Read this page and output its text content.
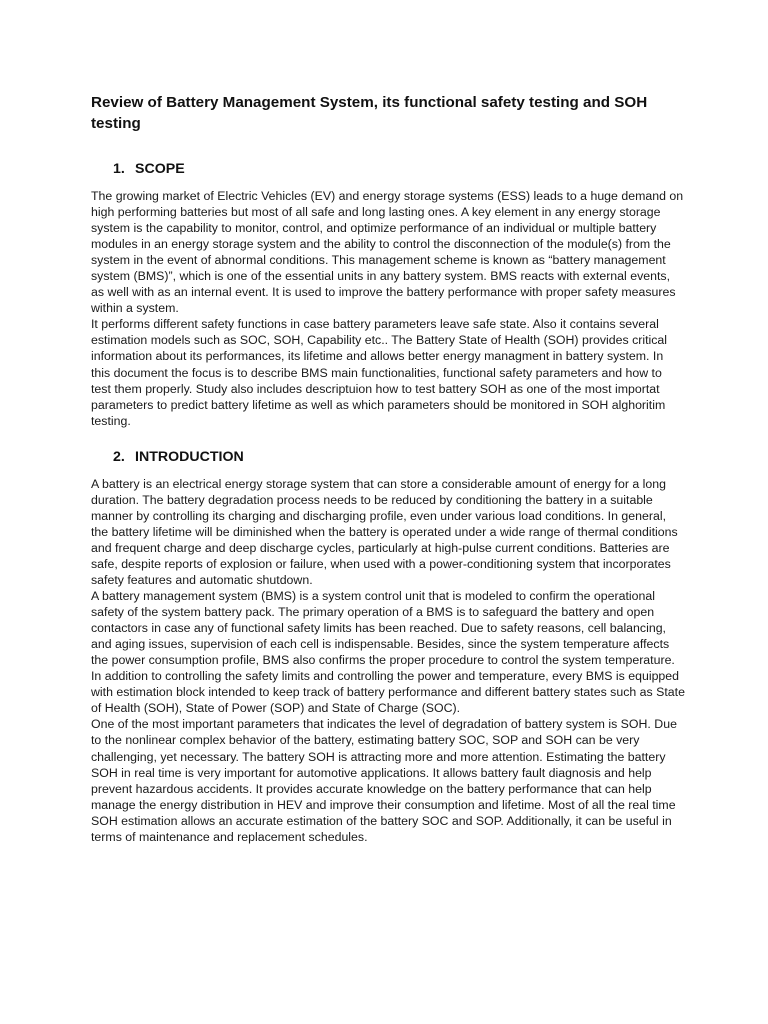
Review of Battery Management System, its functional safety testing and SOH testing
1. SCOPE

The growing market of Electric Vehicles (EV) and energy storage systems (ESS) leads to a huge demand on high performing batteries but most of all safe and long lasting ones. A key element in any energy storage system is the capability to monitor, control, and optimize performance of an individual or multiple battery modules in an energy storage system and the ability to control the disconnection of the module(s) from the system in the event of abnormal conditions. This management scheme is known as “battery management system (BMS)”, which is one of the essential units in any battery system. BMS reacts with external events, as well with as an internal event. It is used to improve the battery performance with proper safety measures within a system.

It performs different safety functions in case battery parameters leave safe state. Also it contains several estimation models such as SOC, SOH, Capability etc.. The Battery State of Health (SOH) provides critical information about its performances, its lifetime and allows better energy managment in battery system. In this document the focus is to describe BMS main functionalities, functional safety parameters and how to test them properly. Study also includes descriptuion how to test battery SOH as one of the most importat parameters to predict battery lifetime as well as which parameters should be monitored in SOH alghoritim testing.

2. INTRODUCTION

A battery is an electrical energy storage system that can store a considerable amount of energy for a long duration. The battery degradation process needs to be reduced by conditioning the battery in a suitable manner by controlling its charging and discharging profile, even under various load conditions. In general, the battery lifetime will be diminished when the battery is operated under a wide range of thermal conditions and frequent charge and deep discharge cycles, particularly at high-pulse current conditions. Batteries are safe, despite reports of explosion or failure, when used with a power-conditioning system that incorporates safety features and automatic shutdown.

A battery management system (BMS) is a system control unit that is modeled to confirm the operational safety of the system battery pack. The primary operation of a BMS is to safeguard the battery and open contactors in case any of functional safety limits has been reached. Due to safety reasons, cell balancing, and aging issues, supervision of each cell is indispensable. Besides, since the system temperature affects the power consumption profile, BMS also confirms the proper procedure to control the system temperature. In addition to controlling the safety limits and controlling the power and temperature, every BMS is equipped with estimation block intended to keep track of battery performance and different battery states such as State of Health (SOH), State of Power (SOP) and State of Charge (SOC).

One of the most important parameters that indicates the level of degradation of battery system is SOH. Due to the nonlinear complex behavior of the battery, estimating battery SOC, SOP and SOH can be very challenging, yet necessary. The battery SOH is attracting more and more attention. Estimating the battery SOH in real time is very important for automotive applications. It allows battery fault diagnosis and help prevent hazardous accidents. It provides accurate knowledge on the battery performance that can help manage the energy distribution in HEV and improve their consumption and lifetime. Most of all the real time SOH estimation allows an accurate estimation of the battery SOC and SOP. Additionally, it can be useful in terms of maintenance and replacement schedules.
